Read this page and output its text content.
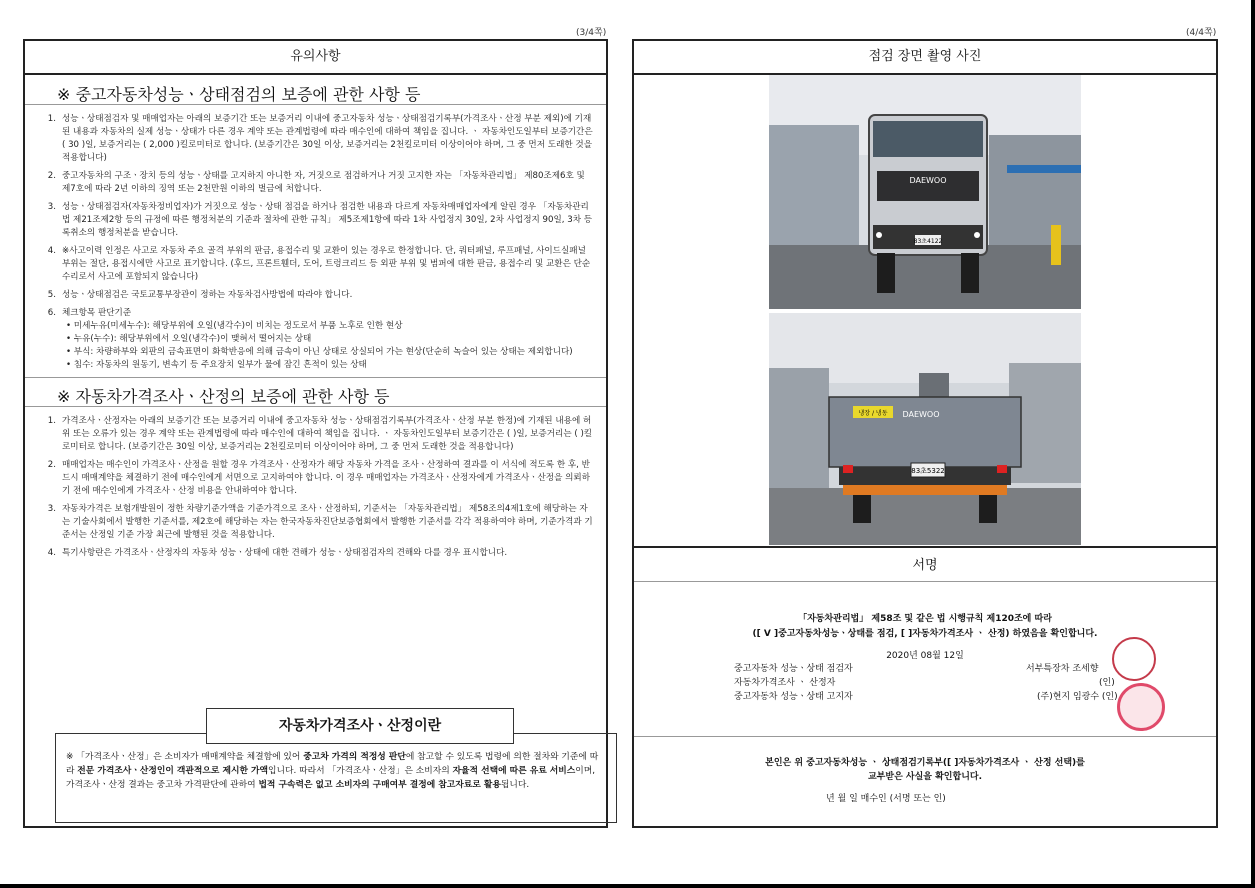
(3/4쪽)	(4/4쪽)
유의사항
※ 중고자동차성능ㆍ상태점검의 보증에 관한 사항 등
1. 성능ㆍ상태점검자 및 매매업자는 아래의 보증기간 또는 보증거리 이내에 중고자동차 성능ㆍ상태점검기록부(가격조사ㆍ산정 부분 제외)에 기재된 내용과 자동차의 실제 성능ㆍ상태가 다른 경우 계약 또는 관계법령에 따라 매수인에 대하여 책임을 집니다. ㆍ 자동차인도일부터 보증기간은 ( 30 )일, 보증거리는 ( 2,000 )킬로미터로 합니다. (보증기간은 30일 이상, 보증거리는 2천킬로미터 이상이어야 하며, 그 중 먼저 도래한 것을 적용합니다)
2. 중고자동차의 구조ㆍ장치 등의 성능ㆍ상태를 고지하지 아니한 자, 거짓으로 점검하거나 거짓 고지한 자는 「자동차관리법」 제80조제6호 및 제7호에 따라 2년 이하의 징역 또는 2천만원 이하의 벌금에 처합니다.
3. 성능ㆍ상태점검자(자동차정비업자)가 거짓으로 성능ㆍ상태 점검을 하거나 점검한 내용과 다르게 자동차매매업자에게 알린 경우 「자동차관리법 제21조제2항 등의 규정에 따른 행정처분의 기준과 절차에 관한 규칙」 제5조제1항에 따라 1차 사업정지 30일, 2차 사업정지 90일, 3차 등록취소의 행정처분을 받습니다.
4. ※사고이력 인정은 사고로 자동차 주요 골격 부위의 판금, 용접수리 및 교환이 있는 경우로 한정합니다. 단, 쿼터패널, 루프패널, 사이드실패널 부위는 절단, 용접시에만 사고로 표기합니다. (후드, 프론트휀더, 도어, 트렁크리드 등 외판 부위 및 범퍼에 대한 판금, 용접수리 및 교환은 단순수리로서 사고에 포함되지 않습니다)
5. 성능ㆍ상태점검은 국토교통부장관이 정하는 자동차검사방법에 따라야 합니다.
6. 체크항목 판단기준
• 미세누유(미세누수): 해당부위에 오일(냉각수)이 비치는 정도로서 부품 노후로 인한 현상
• 누유(누수): 해당부위에서 오일(냉각수)이 맺혀서 떨어지는 상태
• 부식: 차량하부와 외판의 금속표면이 화학반응에 의해 금속이 아닌 상태로 상실되어 가는 현상(단순히 녹슬어 있는 상태는 제외합니다)
• 침수: 자동차의 원동기, 변속기 등 주요장치 일부가 물에 잠긴 흔적이 있는 상태
※ 자동차가격조사ㆍ산정의 보증에 관한 사항 등
1. 가격조사ㆍ산정자는 아래의 보증기간 또는 보증거리 이내에 중고자동차 성능ㆍ상태점검기록부(가격조사ㆍ산정 부분 한정)에 기재된 내용에 허위 또는 오류가 있는 경우 계약 또는 관계법령에 따라 매수인에 대하여 책임을 집니다. ㆍ 자동차인도일부터 보증기간은 ( )일, 보증거리는 ( )킬로미터로 합니다. (보증기간은 30일 이상, 보증거리는 2천킬로미터 이상이어야 하며, 그 중 먼저 도래한 것을 적용합니다)
2. 매매업자는 매수인이 가격조사ㆍ산정을 원할 경우 가격조사ㆍ산정자가 해당 자동차 가격을 조사ㆍ산정하여 결과를 이 서식에 적도록 한 후, 반드시 매매계약을 체결하기 전에 매수인에게 서면으로 고지하여야 합니다. 이 경우 매매업자는 가격조사ㆍ산정자에게 가격조사ㆍ산정을 의뢰하기 전에 매수인에게 가격조사ㆍ산정 비용을 안내하여야 합니다.
3. 자동차가격은 보험개발원이 정한 차량기준가액을 기준가격으로 조사ㆍ산정하되, 기준서는 「자동차관리법」 제58조의4제1호에 해당하는 자는 기술사회에서 발행한 기준서를, 제2호에 해당하는 자는 한국자동차진단보증협회에서 발행한 기준서를 각각 적용하여야 하며, 기준가격과 기준서는 산정일 기준 가장 최근에 발행된 것을 적용합니다.
4. 특기사항란은 가격조사ㆍ산정자의 자동차 성능ㆍ상태에 대한 견해가 성능ㆍ상태점검자의 견해와 다를 경우 표시합니다.
자동차가격조사ㆍ산정이란
※ 「가격조사ㆍ산정」은 소비자가 매매계약을 체결함에 있어 중고차 가격의 적정성 판단에 참고할 수 있도록 법령에 의한 절차와 기준에 따라 전문 가격조사ㆍ산정인이 객관적으로 제시한 가액입니다. 따라서 「가격조사ㆍ산정」은 소비자의 자율적 선택에 따른 유료 서비스이며, 가격조사ㆍ산정 결과는 중고차 가격판단에 관하여 법적 구속력은 없고 소비자의 구매여부 결정에 참고자료로 활용됩니다.
점검 장면 촬영 사진
DAEWOO
83초4122
냉장 / 냉동 DAEWOO
83초5322
서명
「자동차관리법」 제58조 및 같은 법 시행규칙 제120조에 따라
([ V ]중고자동차성능ㆍ상태를 점검, [ ]자동차가격조사 ㆍ 산정) 하였음을 확인합니다.
2020년 08월 12일
중고자동차 성능ㆍ상태 점검자	서부특장차 조세향
자동차가격조사 ㆍ 산정자	(인)
중고자동차 성능ㆍ상태 고지자	(주)현지 임광수 (인)
본인은 위 중고자동차성능 ㆍ 상태점검기록부([ ]자동차가격조사 ㆍ 산정 선택)를
교부받은 사실을 확인합니다.
년 월 일 매수인 (서명 또는 인)
